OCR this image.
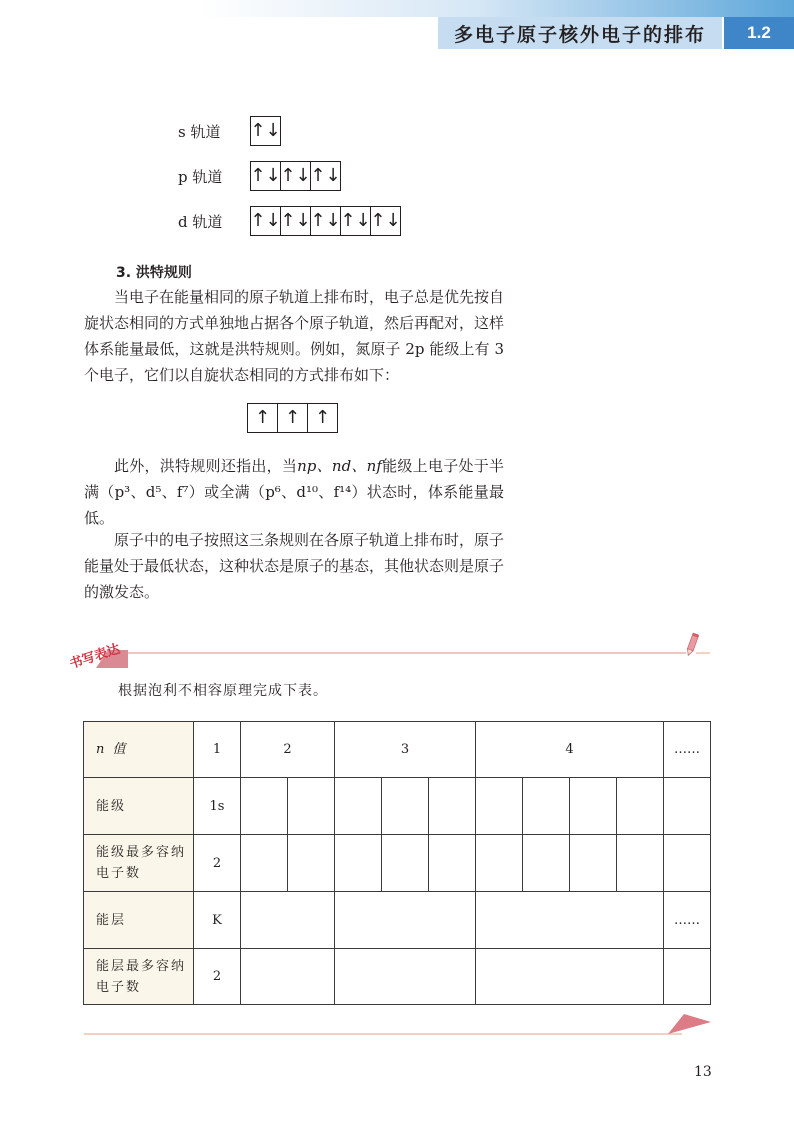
多电子原子核外电子的排布	1.2
s 轨道	↑↓
p 轨道	↑↓ ↑↓ ↑↓
d 轨道	↑↓ ↑↓ ↑↓ ↑↓ ↑↓
3. 洪特规则

当电子在能量相同的原子轨道上排布时，电子总是优先按自旋状态相同的方式单独地占据各个原子轨道，然后再配对，这样体系能量最低，这就是洪特规则。例如，氮原子 2p 能级上有 3 个电子，它们以自旋状态相同的方式排布如下：

↑ ↑ ↑

此外，洪特规则还指出，当np、nd、nf能级上电子处于半满（p³、d⁵、f⁷）或全满（p⁶、d¹⁰、f¹⁴）状态时，体系能量最低。

原子中的电子按照这三条规则在各原子轨道上排布时，原子能量处于最低状态，这种状态是原子的基态，其他状态则是原子的激发态。

书写表达
根据泡利不相容原理完成下表。
n 值	1	2		3			4				……
能级	1s										
能级最多容纳电子数	2										
能层	K										……
能层最多容纳电子数	2										
13
